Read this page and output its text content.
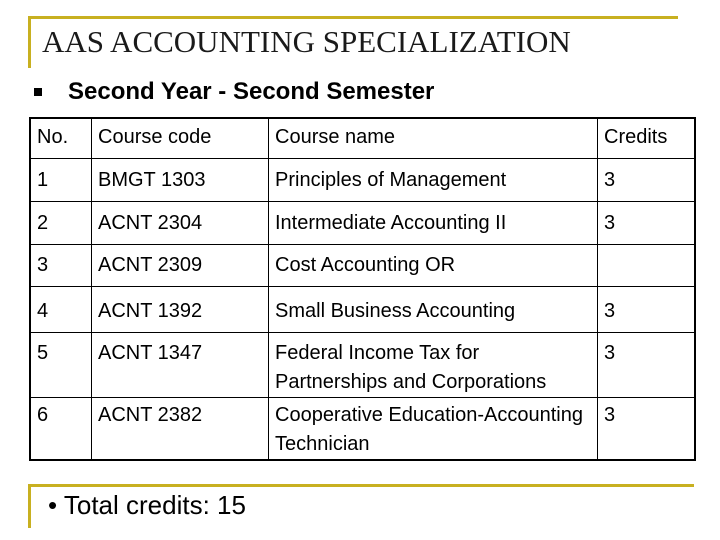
AAS ACCOUNTING SPECIALIZATION
Second Year - Second Semester
No.	Course code	Course name	Credits
1	BMGT 1303	Principles of Management	3
2	ACNT 2304	Intermediate Accounting II	3
3	ACNT 2309	Cost Accounting OR	
4	ACNT 1392	Small Business Accounting	3
5	ACNT 1347	Federal Income Tax for Partnerships and Corporations	3
6	ACNT 2382	Cooperative Education-Accounting Technician	3
• Total credits: 15
